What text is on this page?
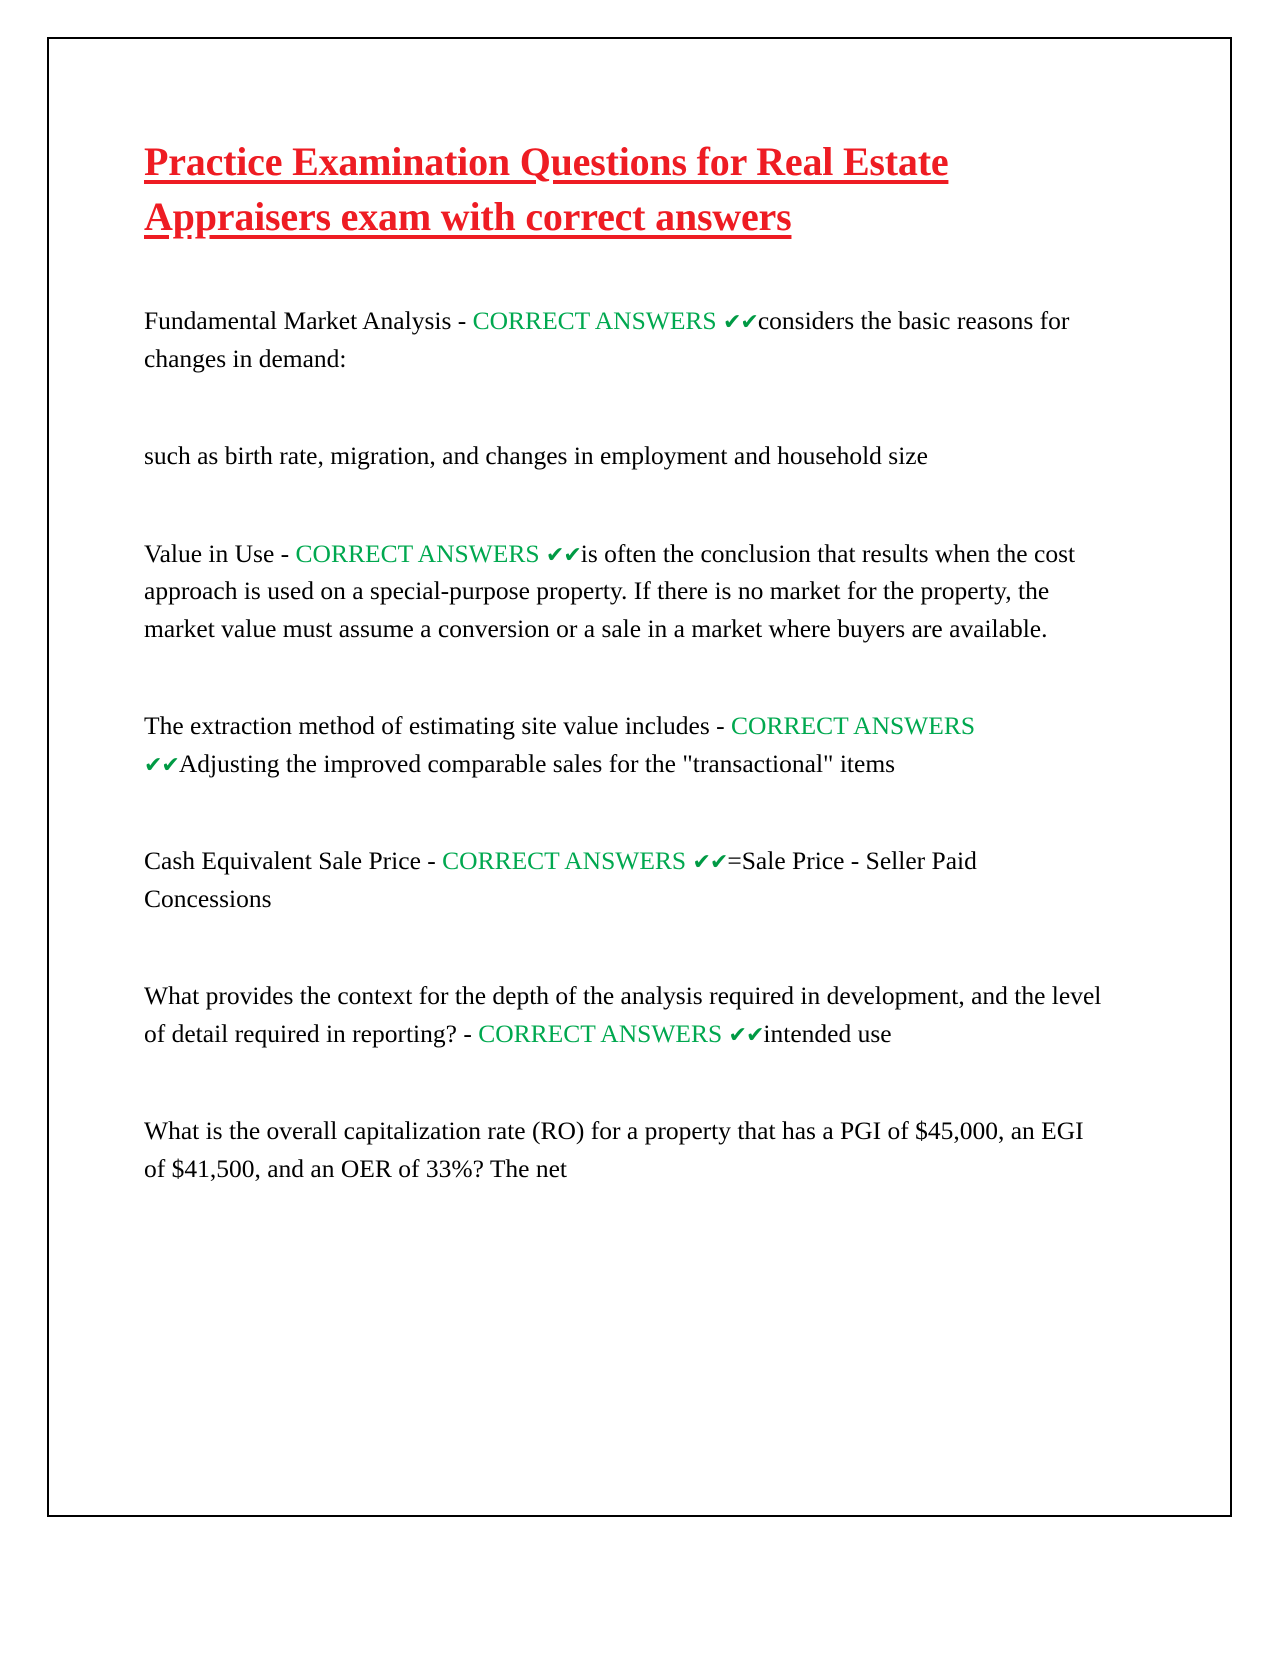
Practice Examination Questions for Real Estate Appraisers exam with correct answers

Fundamental Market Analysis - CORRECT ANSWERS ✔✔considers the basic reasons for changes in demand:

such as birth rate, migration, and changes in employment and household size

Value in Use - CORRECT ANSWERS ✔✔is often the conclusion that results when the cost approach is used on a special-purpose property. If there is no market for the property, the market value must assume a conversion or a sale in a market where buyers are available.

The extraction method of estimating site value includes - CORRECT ANSWERS ✔✔Adjusting the improved comparable sales for the "transactional" items

Cash Equivalent Sale Price - CORRECT ANSWERS ✔✔=Sale Price - Seller Paid Concessions

What provides the context for the depth of the analysis required in development, and the level of detail required in reporting? - CORRECT ANSWERS ✔✔intended use

What is the overall capitalization rate (RO) for a property that has a PGI of $45,000, an EGI of $41,500, and an OER of 33%? The net
